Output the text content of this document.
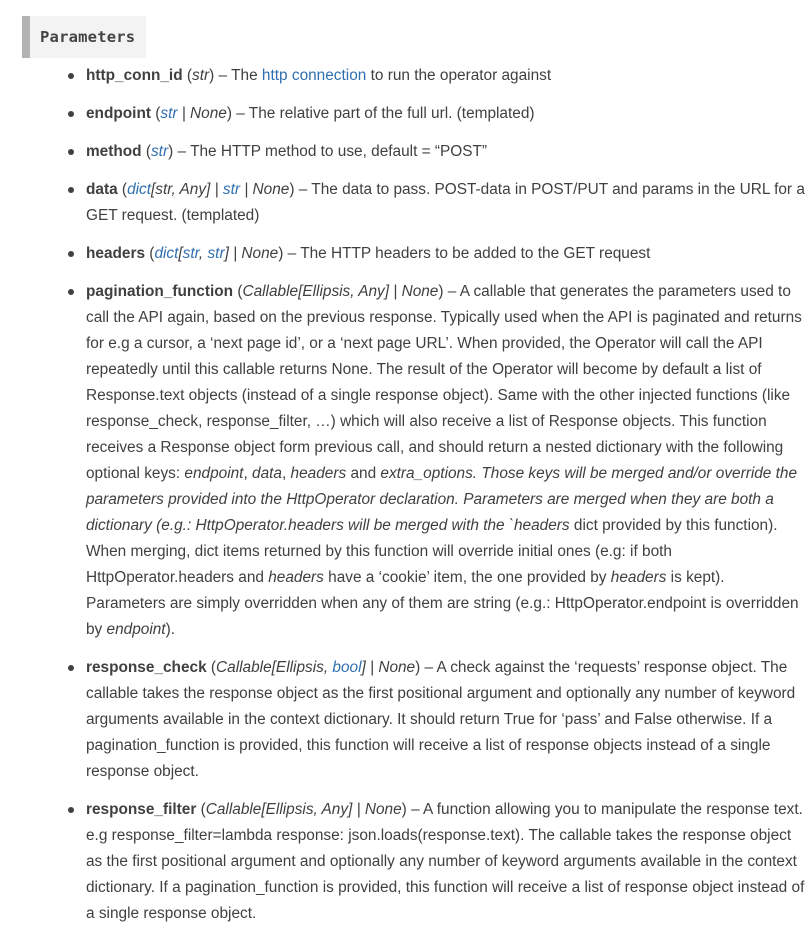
Parameters
http_conn_id (str) – The http connection to run the operator against
endpoint (str | None) – The relative part of the full url. (templated)
method (str) – The HTTP method to use, default = “POST”
data (dict[str, Any] | str | None) – The data to pass. POST-data in POST/PUT and params in the URL for a GET request. (templated)
headers (dict[str, str] | None) – The HTTP headers to be added to the GET request
pagination_function (Callable[Ellipsis, Any] | None) – A callable that generates the parameters used to call the API again, based on the previous response. Typically used when the API is paginated and returns for e.g a cursor, a ‘next page id’, or a ‘next page URL’. When provided, the Operator will call the API repeatedly until this callable returns None. The result of the Operator will become by default a list of Response.text objects (instead of a single response object). Same with the other injected functions (like response_check, response_filter, …) which will also receive a list of Response objects. This function receives a Response object form previous call, and should return a nested dictionary with the following optional keys: endpoint, data, headers and extra_options. Those keys will be merged and/or override the parameters provided into the HttpOperator declaration. Parameters are merged when they are both a dictionary (e.g.: HttpOperator.headers will be merged with the `headers dict provided by this function). When merging, dict items returned by this function will override initial ones (e.g: if both HttpOperator.headers and headers have a ‘cookie’ item, the one provided by headers is kept). Parameters are simply overridden when any of them are string (e.g.: HttpOperator.endpoint is overridden by endpoint).
response_check (Callable[Ellipsis, bool] | None) – A check against the ‘requests’ response object. The callable takes the response object as the first positional argument and optionally any number of keyword arguments available in the context dictionary. It should return True for ‘pass’ and False otherwise. If a pagination_function is provided, this function will receive a list of response objects instead of a single response object.
response_filter (Callable[Ellipsis, Any] | None) – A function allowing you to manipulate the response text. e.g response_filter=lambda response: json.loads(response.text). The callable takes the response object as the first positional argument and optionally any number of keyword arguments available in the context dictionary. If a pagination_function is provided, this function will receive a list of response object instead of a single response object.
